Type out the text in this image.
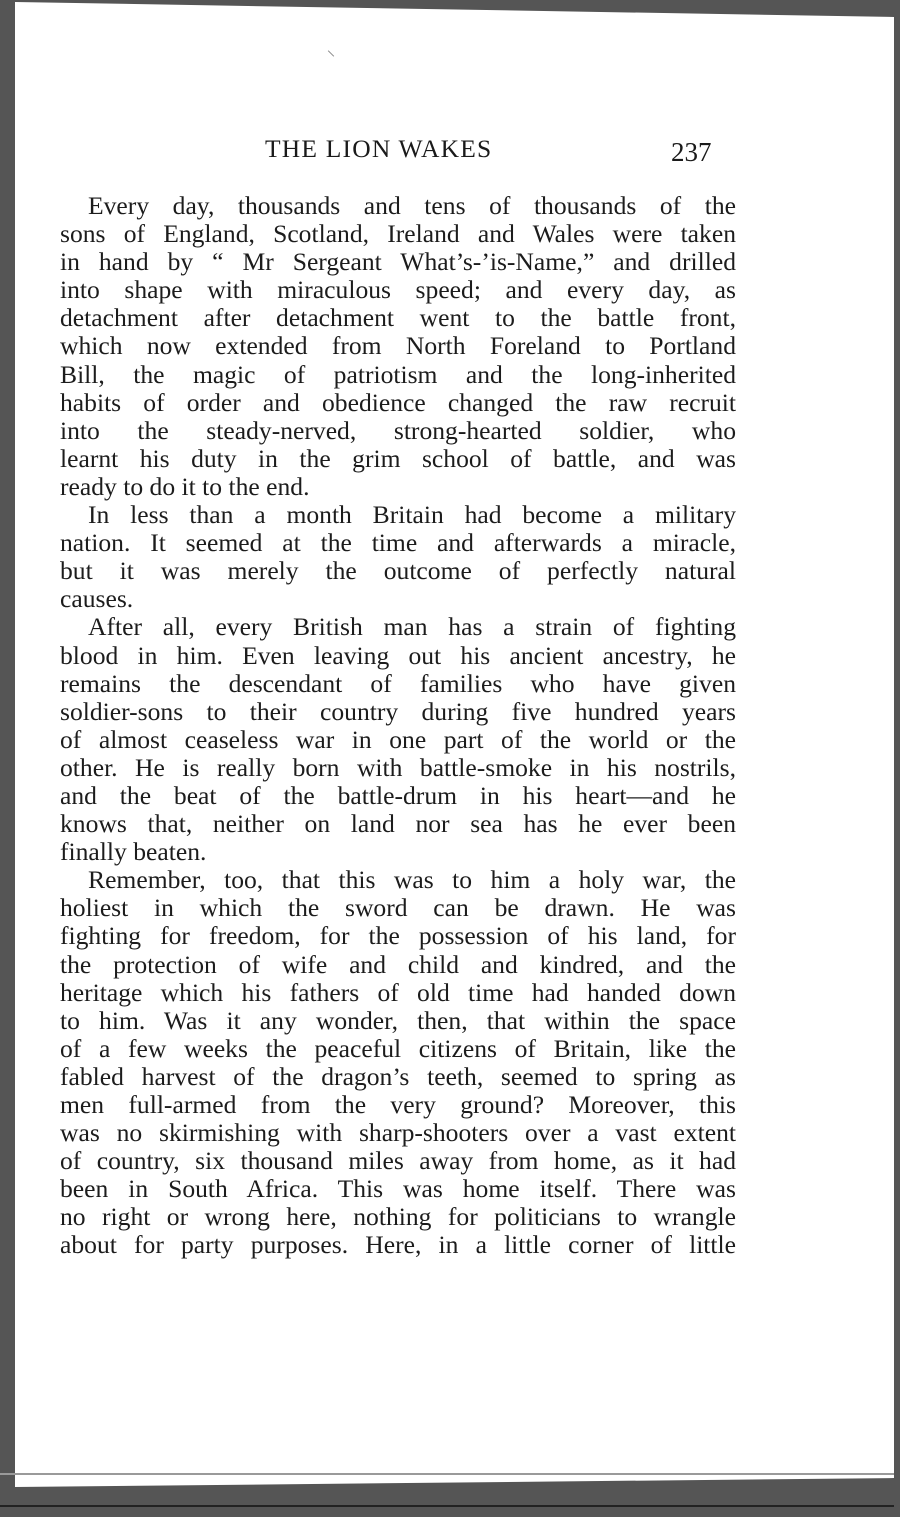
THE LION WAKES	237

Every day, thousands and tens of thousands of the
sons of England, Scotland, Ireland and Wales were taken
in hand by “ Mr Sergeant What’s-’is-Name,” and drilled
into shape with miraculous speed; and every day, as
detachment after detachment went to the battle front,
which now extended from North Foreland to Portland
Bill, the magic of patriotism and the long-inherited
habits of order and obedience changed the raw recruit
into the steady-nerved, strong-hearted soldier, who
learnt his duty in the grim school of battle, and was
ready to do it to the end.

In less than a month Britain had become a military
nation. It seemed at the time and afterwards a miracle,
but it was merely the outcome of perfectly natural
causes.

After all, every British man has a strain of fighting
blood in him. Even leaving out his ancient ancestry, he
remains the descendant of families who have given
soldier-sons to their country during five hundred years
of almost ceaseless war in one part of the world or the
other. He is really born with battle-smoke in his nostrils,
and the beat of the battle-drum in his heart—and he
knows that, neither on land nor sea has he ever been
finally beaten.

Remember, too, that this was to him a holy war, the
holiest in which the sword can be drawn. He was
fighting for freedom, for the possession of his land, for
the protection of wife and child and kindred, and the
heritage which his fathers of old time had handed down
to him. Was it any wonder, then, that within the space
of a few weeks the peaceful citizens of Britain, like the
fabled harvest of the dragon’s teeth, seemed to spring as
men full-armed from the very ground? Moreover, this
was no skirmishing with sharp-shooters over a vast extent
of country, six thousand miles away from home, as it had
been in South Africa. This was home itself. There was
no right or wrong here, nothing for politicians to wrangle
about for party purposes. Here, in a little corner of little
